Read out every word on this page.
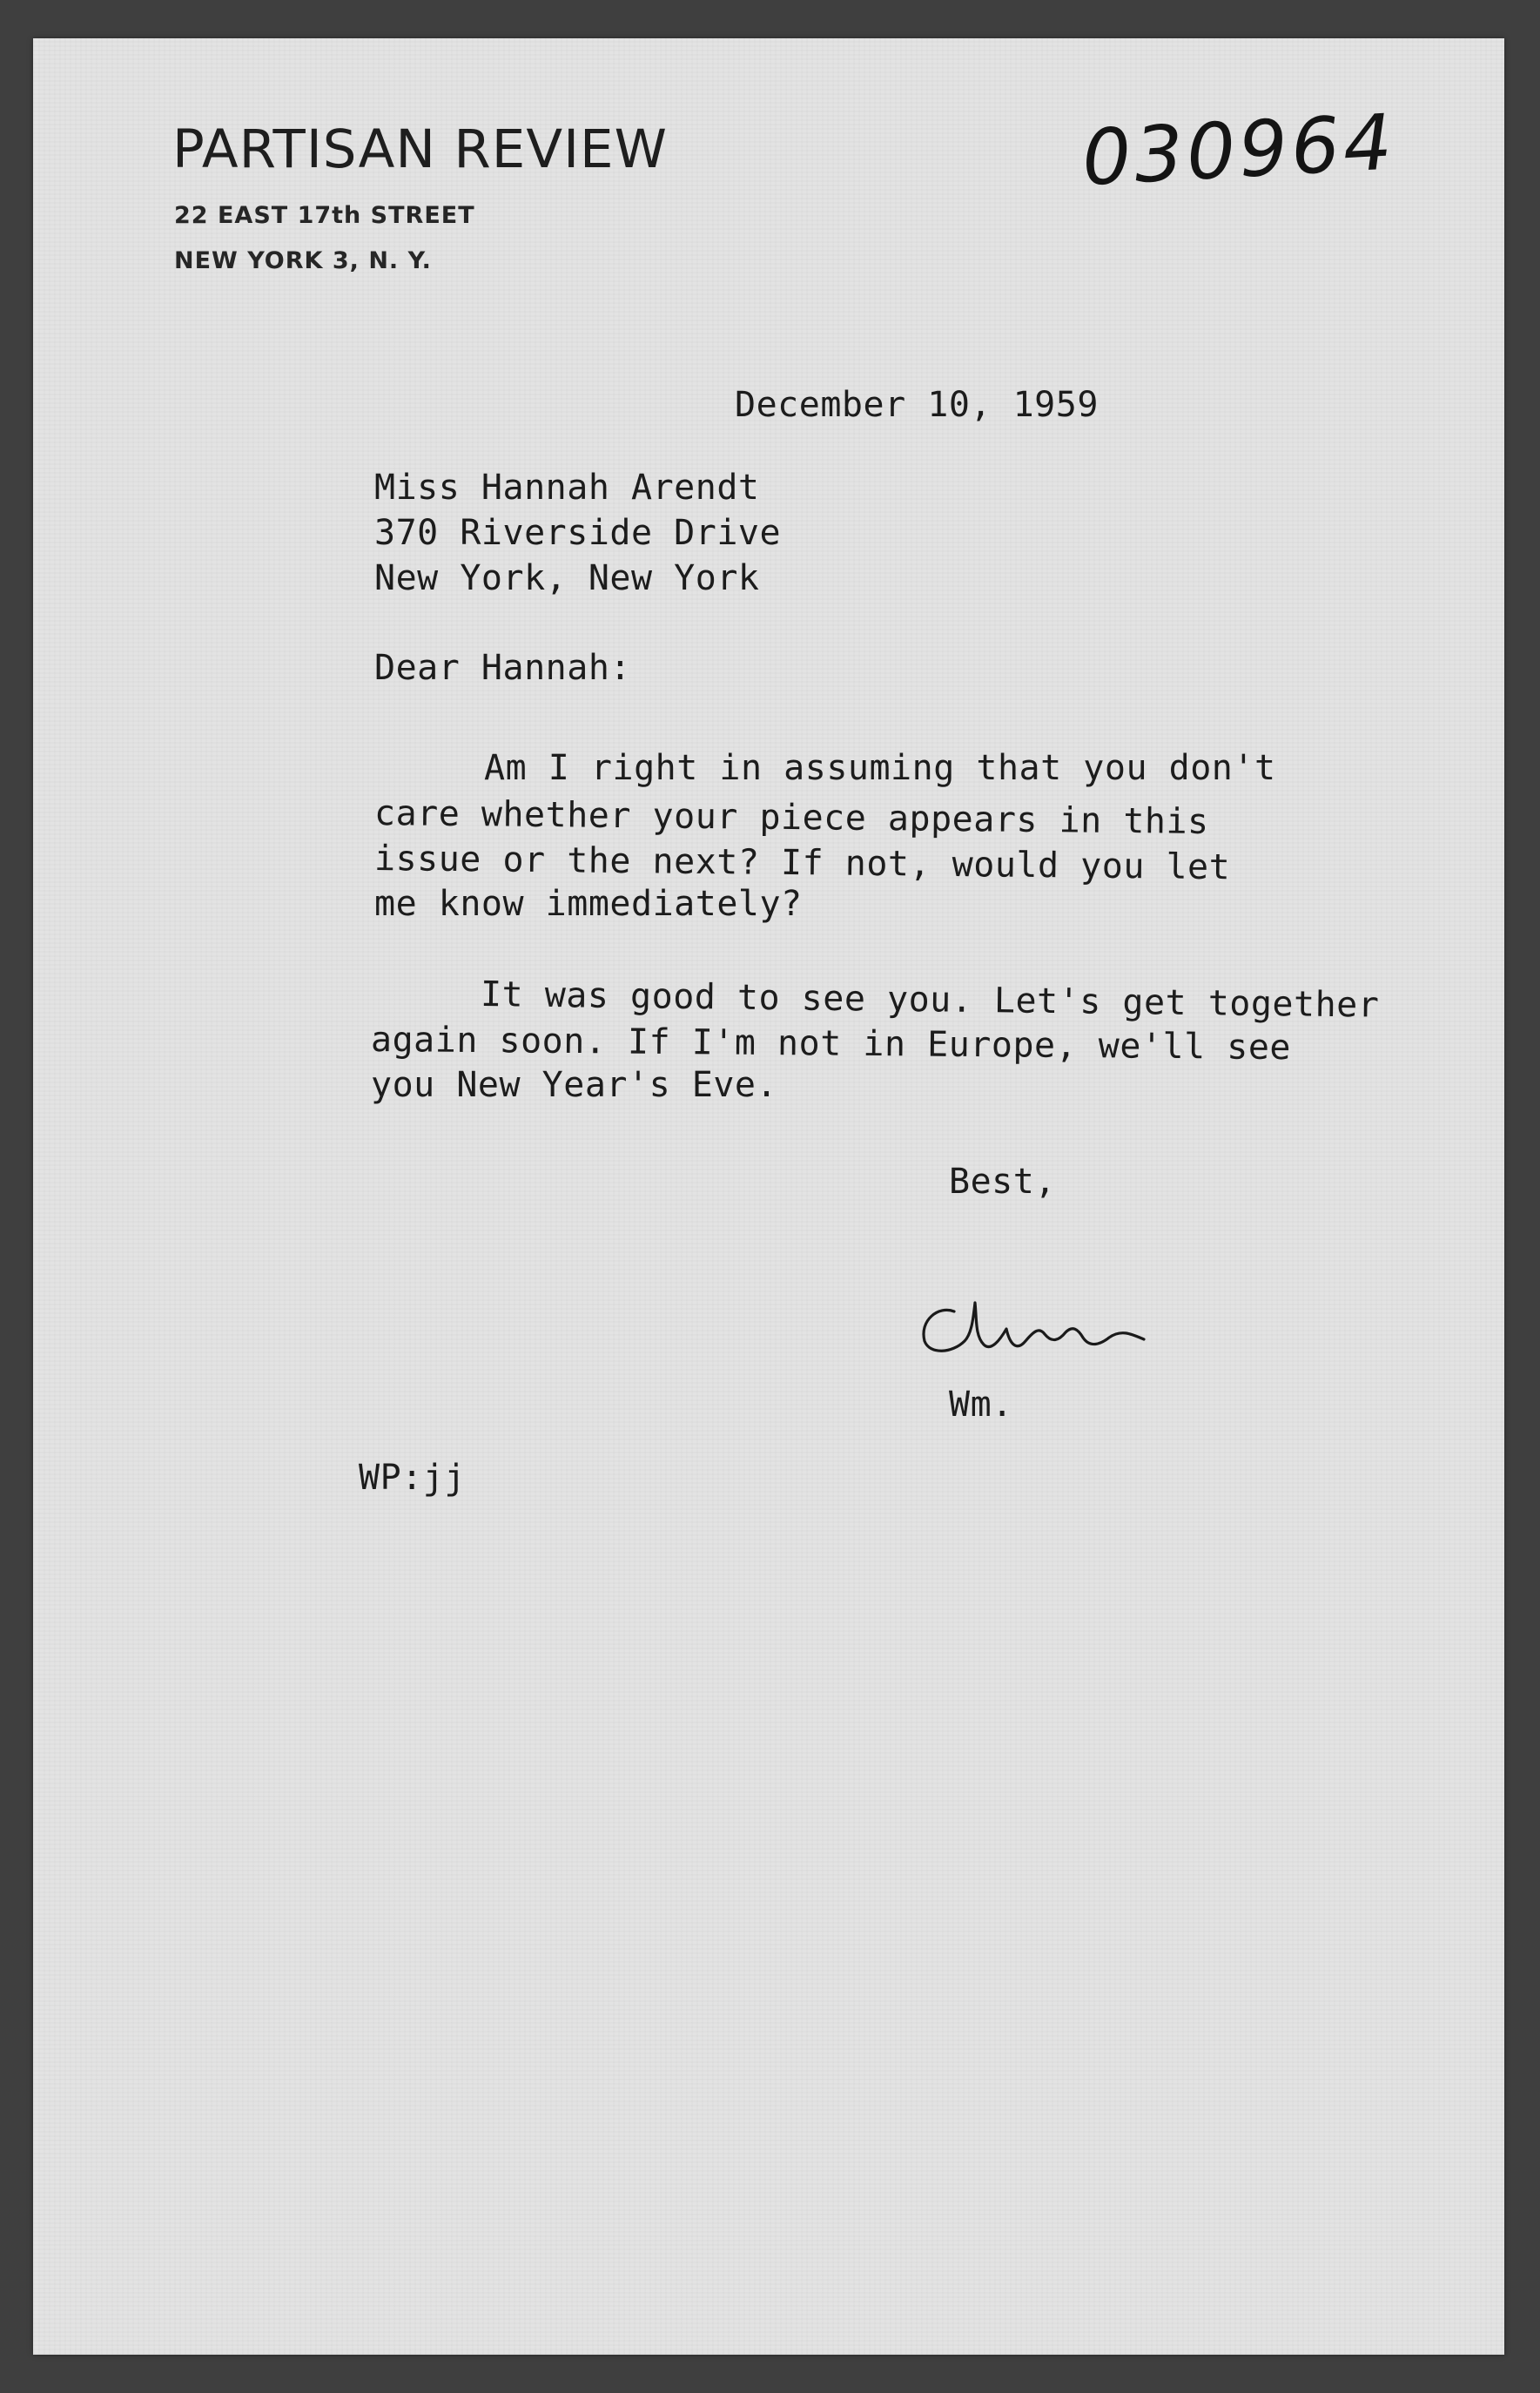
PARTISAN REVIEW
22 EAST 17th STREET
NEW YORK 3, N. Y.
030964
December 10, 1959
Miss Hannah Arendt
370 Riverside Drive
New York, New York
Dear Hannah:
Am I right in assuming that you don't
care whether your piece appears in this
issue or the next? If not, would you let
me know immediately?
It was good to see you. Let's get together
again soon. If I'm not in Europe, we'll see
you New Year's Eve.
Best,
Wm.
WP:jj
